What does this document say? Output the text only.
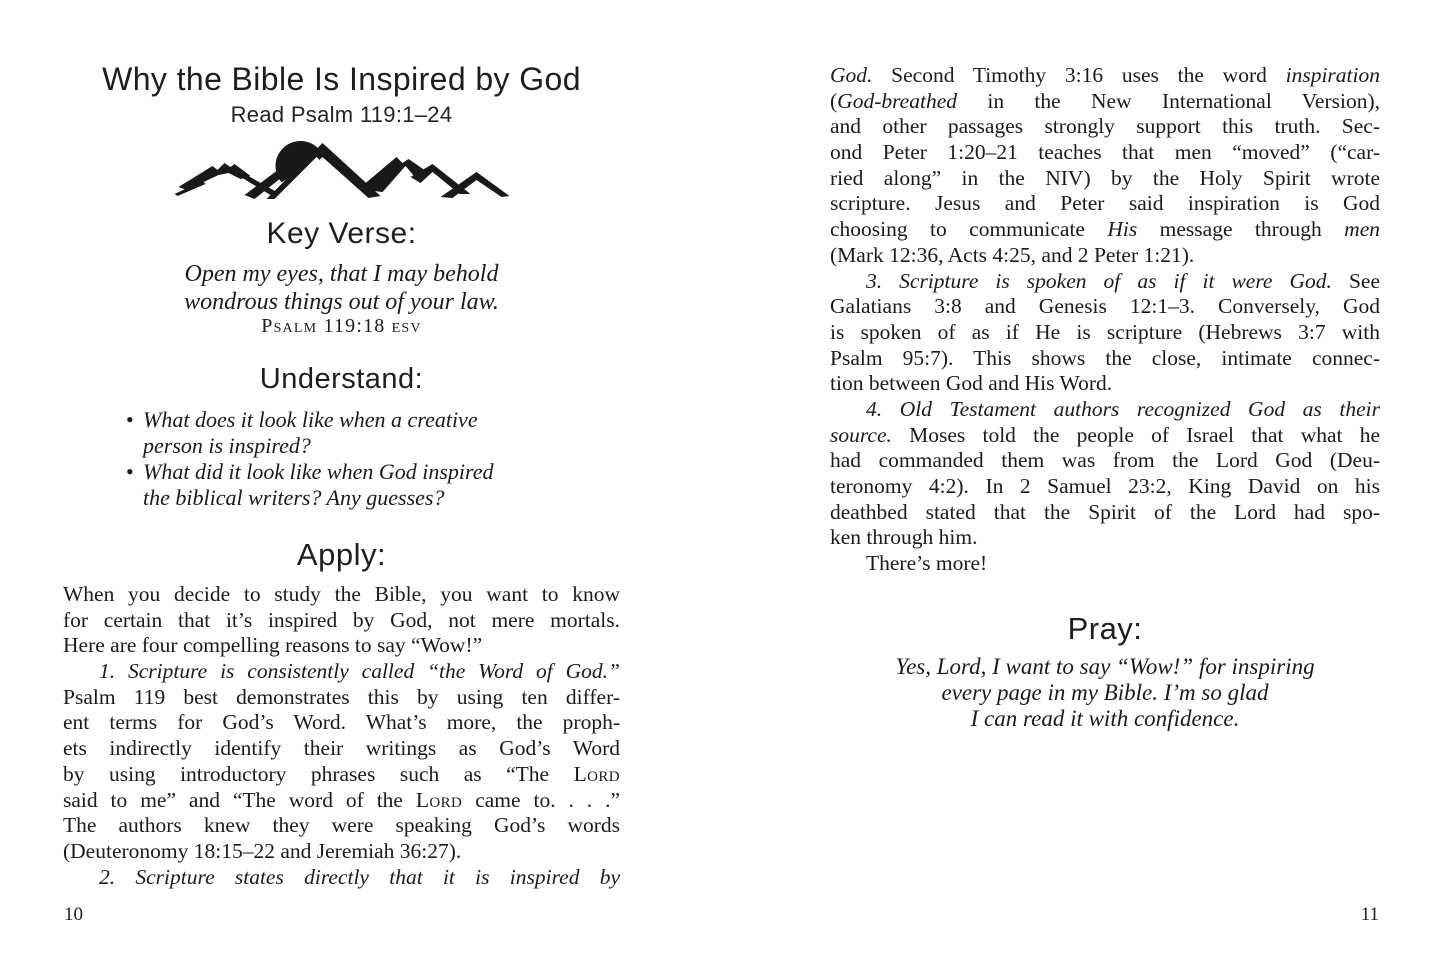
Why the Bible Is Inspired by God
Read Psalm 119:1–24
Key Verse:
Open my eyes, that I may behold
wondrous things out of your law.
Psalm 119:18 esv
Understand:
• What does it look like when a creative
person is inspired?
• What did it look like when God inspired
the biblical writers? Any guesses?
Apply:
When you decide to study the Bible, you want to know
for certain that it’s inspired by God, not mere mortals.
Here are four compelling reasons to say “Wow!”
1. Scripture is consistently called “the Word of God.”
Psalm 119 best demonstrates this by using ten differ-
ent terms for God’s Word. What’s more, the proph-
ets indirectly identify their writings as God’s Word
by using introductory phrases such as “The Lord
said to me” and “The word of the Lord came to. . . .”
The authors knew they were speaking God’s words
(Deuteronomy 18:15–22 and Jeremiah 36:27).
2. Scripture states directly that it is inspired by
10
God. Second Timothy 3:16 uses the word inspiration
(God-breathed in the New International Version),
and other passages strongly support this truth. Sec-
ond Peter 1:20–21 teaches that men “moved” (“car-
ried along” in the NIV) by the Holy Spirit wrote
scripture. Jesus and Peter said inspiration is God
choosing to communicate His message through men
(Mark 12:36, Acts 4:25, and 2 Peter 1:21).
3. Scripture is spoken of as if it were God. See
Galatians 3:8 and Genesis 12:1–3. Conversely, God
is spoken of as if He is scripture (Hebrews 3:7 with
Psalm 95:7). This shows the close, intimate connec-
tion between God and His Word.
4. Old Testament authors recognized God as their
source. Moses told the people of Israel that what he
had commanded them was from the Lord God (Deu-
teronomy 4:2). In 2 Samuel 23:2, King David on his
deathbed stated that the Spirit of the Lord had spo-
ken through him.
There’s more!
Pray:
Yes, Lord, I want to say “Wow!” for inspiring
every page in my Bible. I’m so glad
I can read it with confidence.
11
